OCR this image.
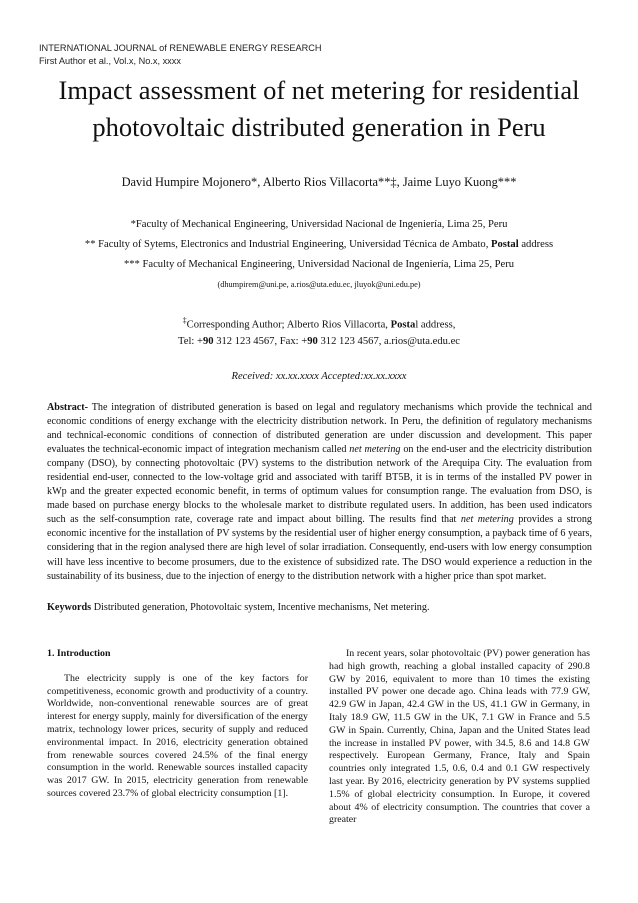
INTERNATIONAL JOURNAL of RENEWABLE ENERGY RESEARCH
First Author et al., Vol.x, No.x, xxxx
Impact assessment of net metering for residential
photovoltaic distributed generation in Peru
David Humpire Mojonero*, Alberto Rios Villacorta**‡, Jaime Luyo Kuong***
*Faculty of Mechanical Engineering, Universidad Nacional de Ingeniería, Lima 25, Peru
** Faculty of Sytems, Electronics and Industrial Engineering, Universidad Técnica de Ambato, Postal address
*** Faculty of Mechanical Engineering, Universidad Nacional de Ingeniería, Lima 25, Peru
(dhumpirem@uni.pe, a.rios@uta.edu.ec, jluyok@uni.edu.pe)
‡Corresponding Author; Alberto Rios Villacorta, Postal address,
Tel: +90 312 123 4567, Fax: +90 312 123 4567, a.rios@uta.edu.ec
Received: xx.xx.xxxx Accepted:xx.xx.xxxx
Abstract- The integration of distributed generation is based on legal and regulatory mechanisms which provide the technical and economic conditions of energy exchange with the electricity distribution network. In Peru, the definition of regulatory mechanisms and technical-economic conditions of connection of distributed generation are under discussion and development. This paper evaluates the technical-economic impact of integration mechanism called net metering on the end-user and the electricity distribution company (DSO), by connecting photovoltaic (PV) systems to the distribution network of the Arequipa City. The evaluation from residential end-user, connected to the low-voltage grid and associated with tariff BT5B, it is in terms of the installed PV power in kWp and the greater expected economic benefit, in terms of optimum values for consumption range. The evaluation from DSO, is made based on purchase energy blocks to the wholesale market to distribute regulated users. In addition, has been used indicators such as the self-consumption rate, coverage rate and impact about billing. The results find that net metering provides a strong economic incentive for the installation of PV systems by the residential user of higher energy consumption, a payback time of 6 years, considering that in the region analysed there are high level of solar irradiation. Consequently, end-users with low energy consumption will have less incentive to become prosumers, due to the existence of subsidized rate. The DSO would experience a reduction in the sustainability of its business, due to the injection of energy to the distribution network with a higher price than spot market.
Keywords Distributed generation, Photovoltaic system, Incentive mechanisms, Net metering.
1. Introduction

The electricity supply is one of the key factors for competitiveness, economic growth and productivity of a country. Worldwide, non-conventional renewable sources are of great interest for energy supply, mainly for diversification of the energy matrix, technology lower prices, security of supply and reduced environmental impact. In 2016, electricity generation obtained from renewable sources covered 24.5% of the final energy consumption in the world. Renewable sources installed capacity was 2017 GW. In 2015, electricity generation from renewable sources covered 23.7% of global electricity consumption [1].

In recent years, solar photovoltaic (PV) power generation has had high growth, reaching a global installed capacity of 290.8 GW by 2016, equivalent to more than 10 times the existing installed PV power one decade ago. China leads with 77.9 GW, 42.9 GW in Japan, 42.4 GW in the US, 41.1 GW in Germany, in Italy 18.9 GW, 11.5 GW in the UK, 7.1 GW in France and 5.5 GW in Spain. Currently, China, Japan and the United States lead the increase in installed PV power, with 34.5, 8.6 and 14.8 GW respectively. European Germany, France, Italy and Spain countries only integrated 1.5, 0.6, 0.4 and 0.1 GW respectively last year. By 2016, electricity generation by PV systems supplied 1.5% of global electricity consumption. In Europe, it covered about 4% of electricity consumption. The countries that cover a greater
